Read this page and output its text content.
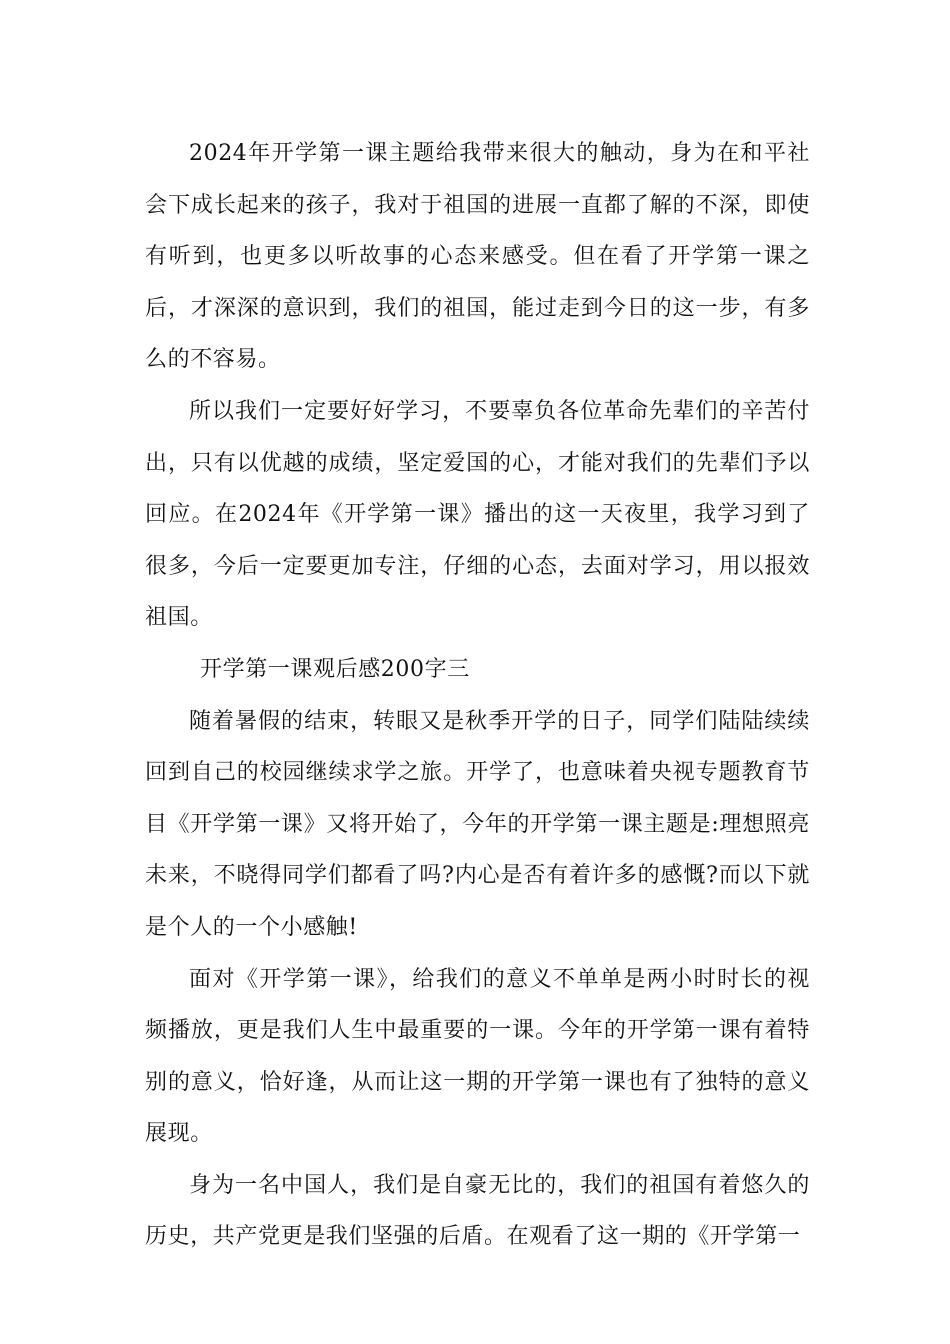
2024年开学第一课主题给我带来很大的触动，身为在和平社会下成长起来的孩子，我对于祖国的进展一直都了解的不深，即使有听到，也更多以听故事的心态来感受。但在看了开学第一课之后，才深深的意识到，我们的祖国，能过走到今日的这一步，有多么的不容易。

所以我们一定要好好学习，不要辜负各位革命先辈们的辛苦付出，只有以优越的成绩，坚定爱国的心，才能对我们的先辈们予以回应。在2024年《开学第一课》播出的这一天夜里，我学习到了很多，今后一定要更加专注，仔细的心态，去面对学习，用以报效祖国。

开学第一课观后感200字三

随着暑假的结束，转眼又是秋季开学的日子，同学们陆陆续续回到自己的校园继续求学之旅。开学了，也意味着央视专题教育节目《开学第一课》又将开始了，今年的开学第一课主题是:理想照亮未来，不晓得同学们都看了吗?内心是否有着许多的感慨?而以下就是个人的一个小感触!

面对《开学第一课》，给我们的意义不单单是两小时时长的视频播放，更是我们人生中最重要的一课。今年的开学第一课有着特别的意义，恰好逢，从而让这一期的开学第一课也有了独特的意义展现。

身为一名中国人，我们是自豪无比的，我们的祖国有着悠久的历史，共产党更是我们坚强的后盾。在观看了这一期的《开学第一
